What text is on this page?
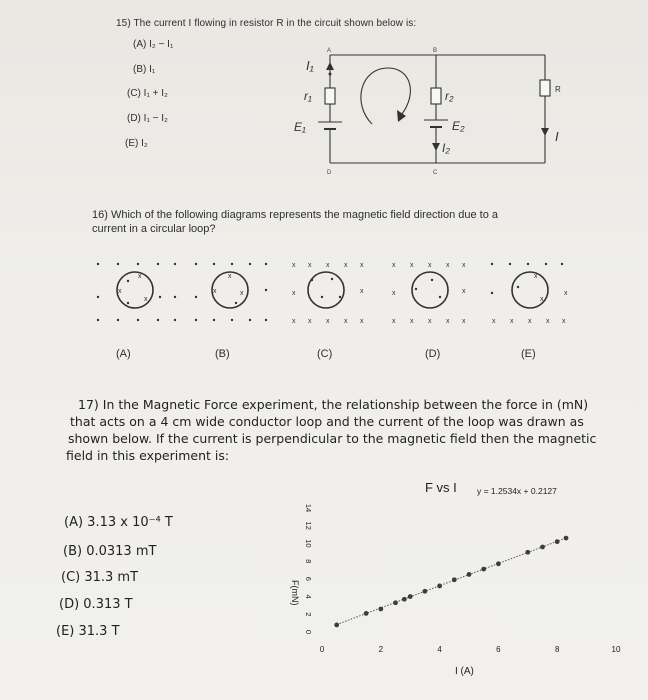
15) The current I flowing in resistor R in the circuit shown below is:
(A) I₂ − I₁
(B) I₁
(C) I₁ + I₂
(D) I₁ − I₂
(E) I₂
A	B
D	C
I₁
r₁
E₁
r₂
E₂
I₂
R
I
16) Which of the following diagrams represents the magnetic field direction due to a
current in a circular loop?
x
x
x
x
x
x
x x x x x
x	x
x x x x x
x x x x x
x	x
x x x x x	x x x x x
x
x
x
(A)	(B)	(C)	(D)	(E)
17) In the Magnetic Force experiment, the relationship between the force in (mN)
that acts on a 4 cm wide conductor loop and the current of the loop was drawn as
shown below. If the current is perpendicular to the magnetic field then the magnetic
field in this experiment is:
(A) 3.13 x 10⁻⁴ T
(B) 0.0313 mT
(C) 31.3 mT
(D) 0.313 T
(E) 31.3 T
F vs I y = 1.2534x + 0.2127
F(mN)
I (A)
0
2
4
6
8
10
12
14
0	2	4	6	8	10
